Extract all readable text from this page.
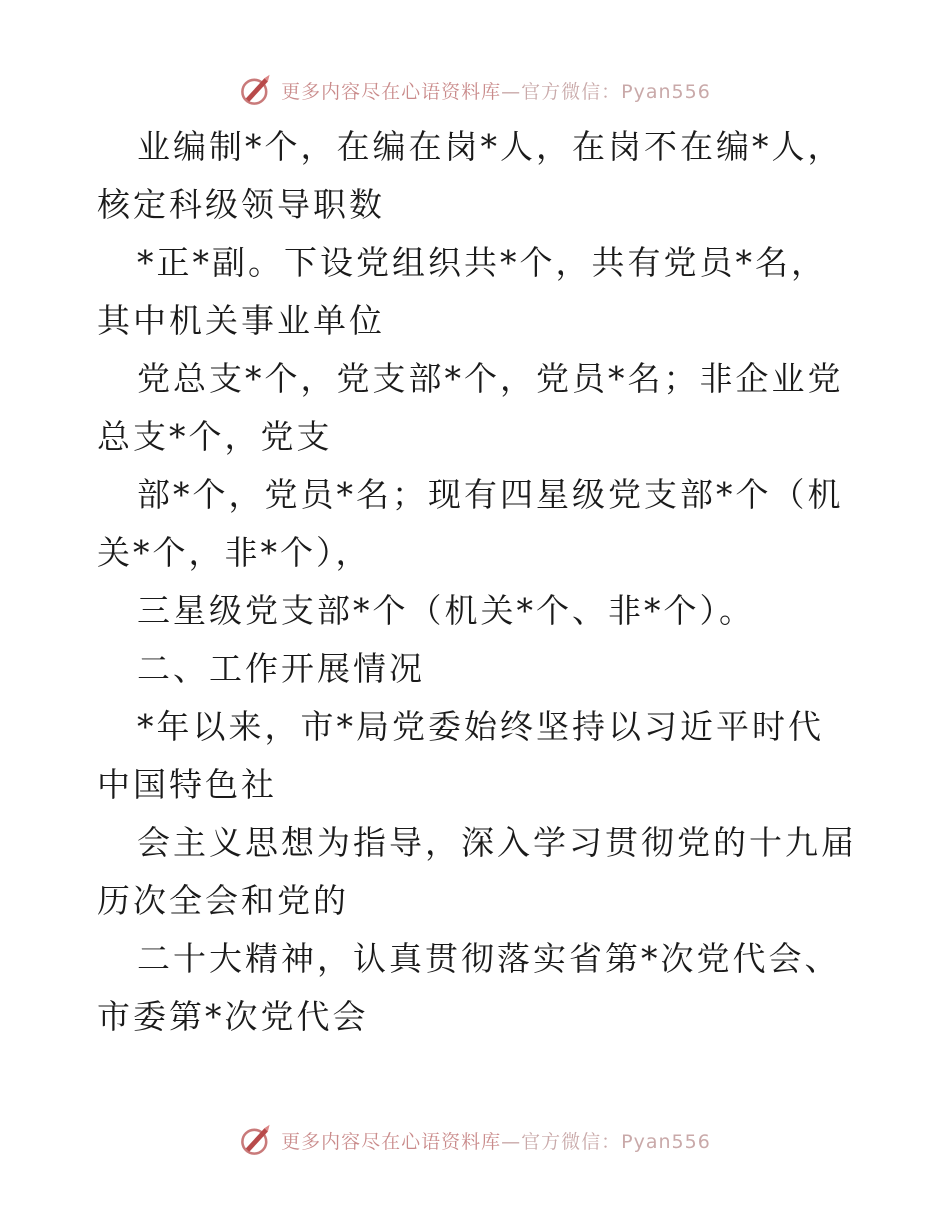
更多内容尽在心语资料库—官方微信：Pyan556

业编制*个，在编在岗*人，在岗不在编*人，核定科级领导职数

*正*副。下设党组织共*个，共有党员*名，其中机关事业单位

党总支*个，党支部*个，党员*名；非企业党总支*个，党支

部*个，党员*名；现有四星级党支部*个（机关*个，非*个），

三星级党支部*个（机关*个、非*个）。

二、工作开展情况

*年以来，市*局党委始终坚持以习近平时代中国特色社

会主义思想为指导，深入学习贯彻党的十九届历次全会和党的

二十大精神，认真贯彻落实省第*次党代会、市委第*次党代会

更多内容尽在心语资料库—官方微信：Pyan556
